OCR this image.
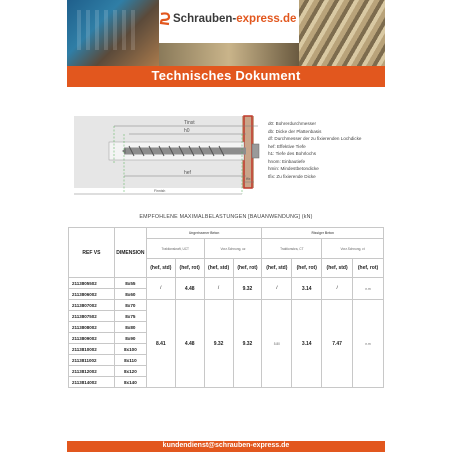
Schrauben-express.de
Technisches Dokument
Tinst
h0
hef
tfix
Finnish
d0: Bohrerdurchmesser
db: Dicke der Plattenbasis
df: Durchmesser der zu fixierenden Lochdicke
hef: Effektive Tiefe
h1: Tiefe des Bohrlochs
hnom: Einbautiefe
hmin: Mindestbetondicke
tfix: Zu fixierende Dicke
EMPFOHLENE MAXIMALBELASTUNGEN [BAUANWENDUNG] (kN)
REF VS	DIMENSION	Ungerissener Beton				Rissiger Beton			
		Traktionskraft, UCT		Vorz.Schnung, uz		Traktionskra, CT		Vorz.Schnung, ct	
		(hef, std)	(hef, rot)	(hef, std)	(hef, rot)	(hef, std)	(hef, rot)	(hef, std)	(hef, rot)
2113805502	8x55	/	4.48	/	9.32	/	3.14	/	n.m
2113806002	8x60								
2113807002	8x70	8.41	4.48	9.32	9.32	5.80	3.14	7.47	n.m
2113807502	8x75								
2113808002	8x80								
2113809002	8x90								
2113810002	8x100								
2113811002	8x110								
2113812002	8x120								
2113814002	8x140								
kundendienst@schrauben-express.de
